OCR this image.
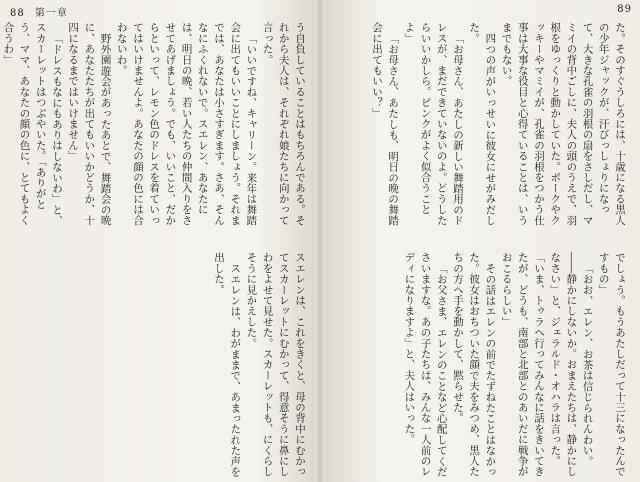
88 第一章

う自負していることはもちろんである。それから夫人は、それぞれ娘たちに向かって言った。

「いいですね、キャリーン。来年は舞踏会に出てもいいことにしましょう。それまでは、あなたは小さすぎます。さあ、そんなにふくれないで。スエレン、あなたには、明日の晩、若い人たちの仲間入りをさせてあげましょう。でも、いいこと、だからといって、レモン色のドレスを着ていってはいけませんよ。あなたの顔の色には合わないわ。

野外園遊会があったあとで、舞踏会の晩に、あなたたちが出てもいいかどうか、十四になるまではいけません」

「ドレスもなにもありはしないわ」と、スカーレットはつぶやいた。「ありがとう、ママ、あなたの顔の色に、とてもよく合うわ」

スエレンは、これをきくと、母の背中にむかってスカーレットにむかって、得意そうに鼻にしわをよせて見せた。スカーレットも、にくらしそうに見かえした。

スエレンは、わがままで、あまったれた声を出した。

89

た。そのすぐうしろには、十歳になる黒人の少年ジャックが、汗びっしょりになって、大きな孔雀の羽根の扇をさしだし、マミイの背中ごしに、夫人の頭のうえで、羽根をゆっくりと動かしていた。ポークやクッキーやマミイが、孔雀の羽根をつかう仕事は大事な役目と心得ていることは、いうまでもない。

四つの声がいっせいに彼女にせがみだした。

「お母さん、あたしの新しい舞踏用のドレスが、まだできていないのよ。どうしたらいいかしら。ピンクがよく似合うことよ」

「お母さん、あたしも、明日の晩の舞踏会に出てもいい？」

でしょう。もうあたしだって十三になったんですもの」

「おお、エレン、お茶は信じられんわい。――静かにしないか。おまえたちは、静かにしなさい」と、ジェラルド・オハラは言った。「いま、トゥラへ行ってみんなに話をきいてきたが、どうも、南部と北部とのあいだに戦争がおこるらしい」

その話はエレンの前でたずねたことはなかった。彼女はおちついた顔で夫をみつめ、黒人たちの方へ手を動かして、黙らせた。

「お父さま、エレンのことなど心配してくださいますな。あの子たちは、みんな一人前のレディになりますよ」と、夫人はいった。
